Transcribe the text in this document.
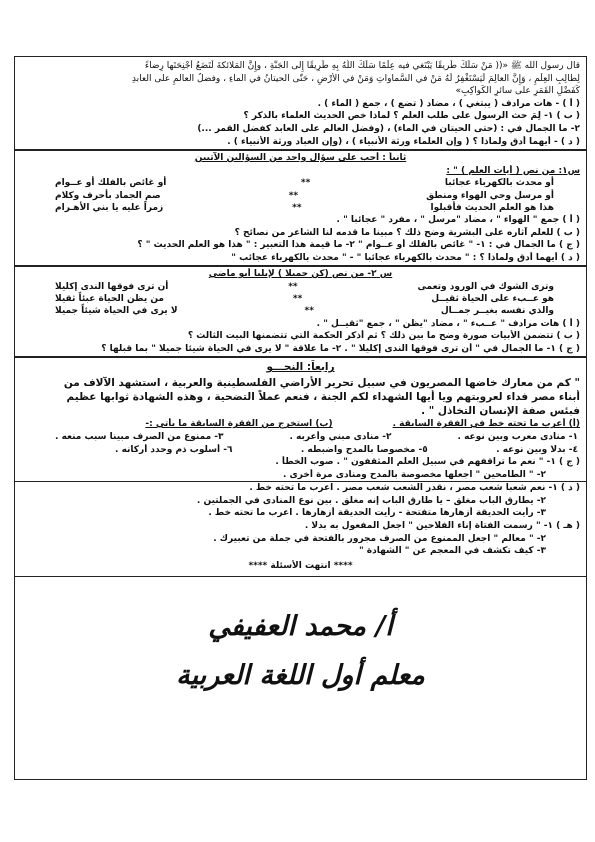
قال رسول الله ﷺ «(( مَنْ سَلَكَ طَريقًا يَبْتَغي فيه عِلْمًا سَلَكَ اللَّهُ بِهِ طَرِيقًا إِلى الجَنَّةِ ، وإِنَّ المَلائكةَ لَتَضَعُ أَجْنِحَتَها رِضاءً
لِطالِبِ العِلْمِ ، وَإِنَّ العالِمَ لَيَسْتَغْفِرُ لَهُ مَنْ في السَّماواتِ وَمَنْ في الأَرْضِ ، حَتّى الحيتانُ في الماءِ ، وفضلُ العالمِ على العابدِ
كَفَضْلِ القَمَرِ على سائرِ الكَواكِبِ»
( أ ) - هات مرادف ( يبتغي ) ، مضاد ( تضع ) ، جمع ( الماء ) .
( ب ) ١- لِمَ حث الرسول على طلب العلم ؟ لماذا خص الحديث العلماء بالذكر ؟
٢- ما الجمال في : (حتى الحيتان في الماء) ، (وفضل العالم على العابد كفضل القمر ...)
( د ) - أيهما أدق ولماذا ؟ ( وإن العلماء ورثة الأنبياء ) ، (وإن العباد ورثة الأنبياء ) .
ثانياً : أجب على سؤال واحد من السؤالين الآتيين
س١: من نص ( أيات العلم ) " :
أو محدث بالكهرباء عجائبا
**
أو غائص بالفلك أو عــوام
أو مرسل وحي الهواء ومنطق
**
صم الجماد بأحرف وكلام
هذا هو العلم الحديث فأقبلوا
**
زمراً عليه يا بني الأهـرام
( أ ) جمع " الهواء " ، مضاد "مرسل " ، مفرد " عجائبا " .
( ب ) للعلم آثاره على البشرية وضح ذلك ؟ مبينا ما قدمه لنا الشاعر من نصائح ؟
( ج ) ما الجمال في : ١- " غائص بالفلك أو عــوام " ٢- ما قيمة هذا التعبير : " هذا هو العلم الحديث " ؟
( د ) أيهما أدق ولماذا ؟ : " محدث بالكهرباء عجائبا " - " محدث بالكهرباء عجائب "
س ٢- من نص (كن جميلا ) لإيليا أبو ماضي
وترى الشوك في الورود وتعمى
**
أن ترى فوقها الندى إكليلا
هو عــبء على الحياة ثقيــل
**
من يظن الحياة عبئاً ثقيلا
والذي نفسه بغيــر جمــال
**
لا يرى في الحياة شيئاً جميلا
( أ ) هات مرادف " عــبء " ، مضاد "يظن " ، جمع "ثقيــل " .
( ب ) تتضمن الأبيات صورة وضح ما بين ذلك ؟ ثم أذكر الحكمة التي تتضمنها البيت الثالث ؟
( ج ) ١- ما الجمال في " أن ترى فوقها الندى إكليلا " . ٢- ما علاقة " لا يرى في الحياة شيئا جميلا " بما قبلها ؟
رابعاً: النحـــو
" كم من معارك خاضها المصريون في سبيل تحرير الأراضي الفلسطينية والعربية ، استشهد الآلاف من
أبناء مصر فداء لعروبتهم ويا أيها الشهداء لكم الجنة ، فنعم عملاً التضحية ، وهذه الشهادة ثوابها عظيم
فبئس صفة الإنسان التخاذل " .
(أ) أعرب ما تحته خط في الفقرة السابقة .
(ب) استخرج من الفقرة السابقة ما يأتي :-
١- منادى معرب وبين نوعه .
٢- منادى مبني وأعربه .
٣- ممنوع من الصرف مبينا سبب منعه .
٤- بدلا وبين نوعه .
٥- مخصوصا بالمدح واضبطه .
٦- أسلوب ذم وحدد أركانه .
( ج ) ١- " نعم ما تراقفهم في سبيل العلم المثقفون " . صوب الخطأ .
٢- " الطامحين " اجعلها مخصوصة بالمدح ومنادى مرة أخرى .
( د ) ١- نعم شعبا شعب مصر ، نقدر الشعب شعب مصر . اعرب ما تحته خط .
٢- يطارق الباب مغلق – يا طارق الباب إنه مغلق . بين نوع المنادى في الجملتين .
٣- رأيت الحديقة أزهارها متفتحة - رأيت الحديقة أزهارها . اعرب ما تحته خط .
( هـ ) ١- " رسمت الفتاة إناء الفلاحين " اجعل المفعول به بدلا .
٢- " معالم " اجعل الممنوع من الصرف مجرور بالفتحة في جملة من تعبيرك .
٣- كيف تكشف في المعجم عن " الشهادة "
**** انتهت الأسئلة ****
أ/ محمد العفيفي
معلم أول اللغة العربية
